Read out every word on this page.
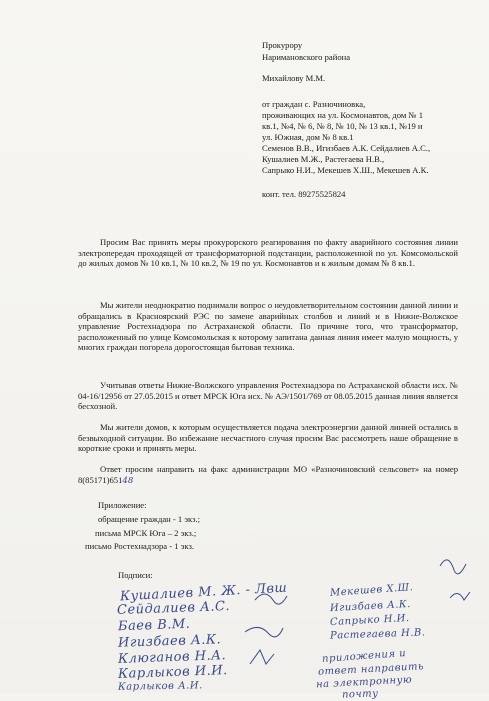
Прокурору
Наримановского района
Михайлову М.М.
от граждан с. Разночиновка,
проживающих на ул. Космонавтов, дом № 1
кв.1, №4, № 6, № 8, № 10, № 13 кв.1, №19 и
ул. Южная, дом № 8 кв.1
Семенов В.В., Игизбаев А.К. Сейдалиев А.С.,
Кушалиев М.Ж., Растегаева Н.В.,
Сапрыко Н.И., Мекешев Х.Ш., Мекешев А.К.
конт. тел. 89275525824
Просим Вас принять меры прокурорского реагирования по факту аварийного состояния линии электропередач проходящей от трансформаторной подстанции, расположенной по ул. Комсомольской до жилых домов № 10 кв.1, № 10 кв.2, № 19 по ул. Космонавтов и к жилым домам № 8 кв.1.
Мы жители неоднократно поднимали вопрос о неудовлетворительном состоянии данной линии и обращались в Красноярский РЭС по замене аварийных столбов и линий и в Нижне-Волжское управление Ростехнадзора по Астраханской области. По причине того, что трансформатор, расположенный по улице Комсомольская к которому запитана данная линия имеет малую мощность, у многих граждан погорела дорогостоящая бытовая техника.
Учитывая ответы Нижне-Волжского управления Ростехнадзора по Астраханской области исх. № 04-16/12956 от 27.05.2015 и ответ МРСК Юга исх. № АЭ/1501/769 от 08.05.2015 данная линия является бесхозной.
Мы жители домов, к которым осуществляется подача электроэнергии данной линией остались в безвыходной ситуации. Во избежание несчастного случая просим Вас рассмотреть наше обращение в короткие сроки и принять меры.
Ответ просим направить на факс администрации МО «Разночиновский сельсовет» на номер 8(85171)65148
Приложение:
обращение граждан - 1 экз.;
письма МРСК Юга – 2 экз.;
письмо Ростехнадзора - 1 экз.
Подписи:
Кушалиев М. Ж. - Лвш
Сейдалиев А.С.
Баев В.М.
Игизбаев А.К.
Клюганов Н.А.
Карлыков И.И.
Карлыков А.И.
Мекешев Х.Ш.
Игизбаев А.К.
Сапрыко Н.И.
Растегаева Н.В.
приложения и
ответ направить
на электронную
почту
